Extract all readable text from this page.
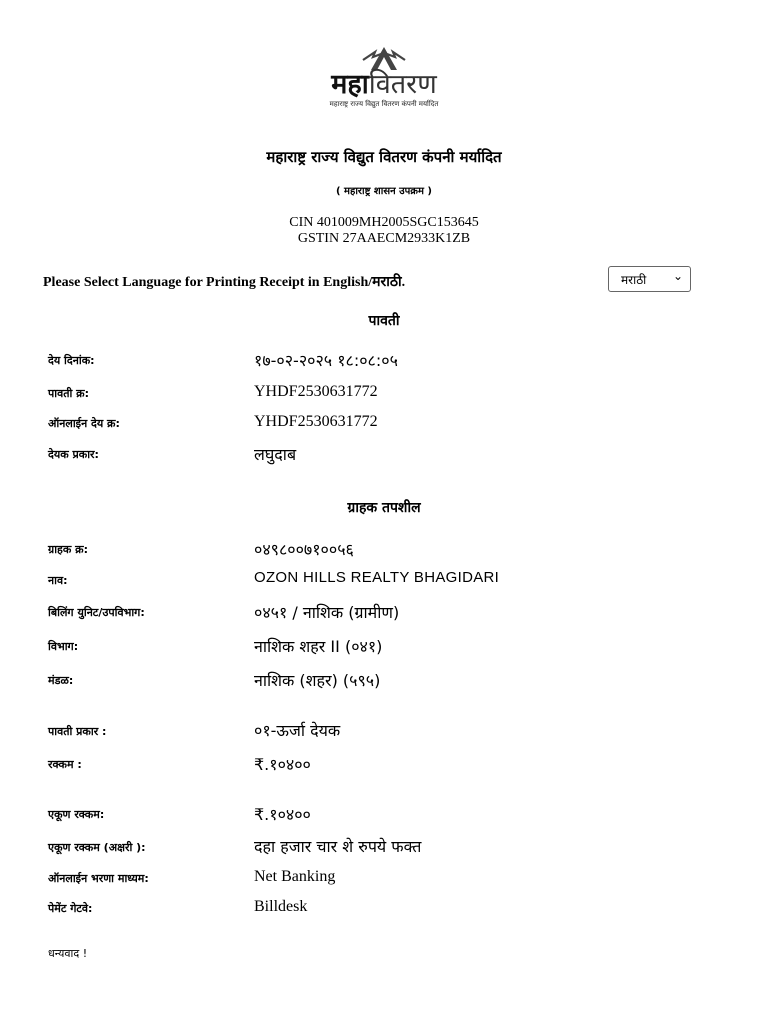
महावितरण
महाराष्ट्र राज्य विद्युत वितरण कंपनी मर्यादित
महाराष्ट्र राज्य विद्युत वितरण कंपनी मर्यादित
( महाराष्ट्र शासन उपक्रम )
CIN 401009MH2005SGC153645
GSTIN 27AAECM2933K1ZB
Please Select Language for Printing Receipt in English/मराठी.	मराठी ⌄
पावती
देय दिनांक:	१७-०२-२०२५ १८:०८:०५
पावती क्र:	YHDF2530631772
ऑनलाईन देय क्र:	YHDF2530631772
देयक प्रकार:	लघुदाब
ग्राहक तपशील
ग्राहक क्र:	०४९८००७१००५६
नाव:	OZON HILLS REALTY BHAGIDARI
बिलिंग युनिट/उपविभाग:	०४५१ / नाशिक (ग्रामीण)
विभाग:	नाशिक शहर II (०४१)
मंडळ:	नाशिक (शहर) (५९५)
पावती प्रकार :	०१-ऊर्जा देयक
रक्कम :	₹.१०४००
एकूण रक्कम:	₹.१०४००
एकूण रक्कम (अक्षरी ):	दहा हजार चार शे रुपये फक्त
ऑनलाईन भरणा माध्यम:	Net Banking
पेमेंट गेटवे:	Billdesk
धन्यवाद !
